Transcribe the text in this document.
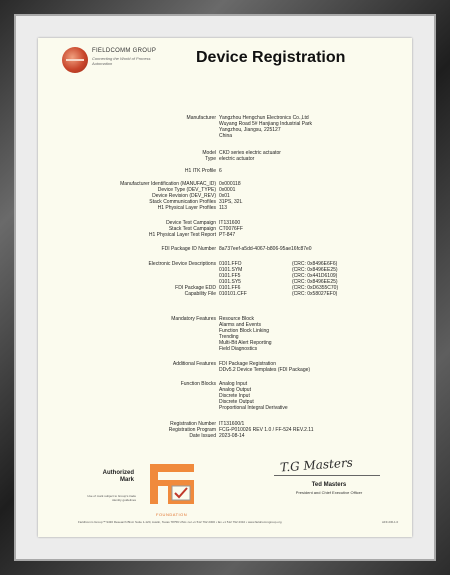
FIELDCOMM GROUP
Connecting the World of Process Automation	Device Registration
Manufacturer Yangzhou Hengchun Electronics Co.,Ltd
Wuyang Road 5# Hanjiang Industrial Park
Yangzhou, Jiangsu, 225127
China
Model CKD series electric actuator
Type electric actuator
H1 ITK Profile 6
Manufacturer Identification (MANUFAC_ID) 0x000118
Device Type (DEV_TYPE) 0x0001
Device Revision (DEV_REV) 0x01
Stack Communication Profiles 31PS, 32L
H1 Physical Layer Profiles 113
Device Test Campaign IT131600
Stack Test Campaign CT0076FF
H1 Physical Layer Test Report PT-847
FDI Package ID Number 8a737eef-a5dd-4067-b806-95ae16fc87e0
Electronic Device Descriptions 0101.FFO
0101.SYM
0101.FF5
0101.SY5
FDI Package EDD 0101.FF6
Capability File 010101.CFF
Mandatory Features Resource Block
Alarms and Events
Function Block Linking
Trending
Multi-Bit Alert Reporting
Field Diagnostics
Additional Features FDI Package Registration
DDv5.2 Device Templates (FDI Package)
Function Blocks Analog Input
Analog Output
Discrete Input
Discrete Output
Proportional Integral Derivative
Registration Number IT131600/1
Registration Program FCG-P010026 REV 1.0 / FF-524 REV.2.11
Date Issued 2023-08-14
(CRC: 0x8496E6F6)
(CRC: 0x8496EE25)
(CRC: 0x441D6109)
(CRC: 0x8496EE25)
(CRC: 0xD6355C70)
(CRC: 0x58027EF0)
Authorized Mark
Use of mark subject to Group's trade identity guidelines
FOUNDATION
T.G Masters
Ted Masters
President and Chief Executive Officer
FieldComm Group™ 9430 Research Blvd. Suite 1-120, Austin, Texas 78759 USA • tel +1 512 792 2300 • fax +1 512 792 2310 • www.fieldcommgroup.org	AFF-DR-1.0
